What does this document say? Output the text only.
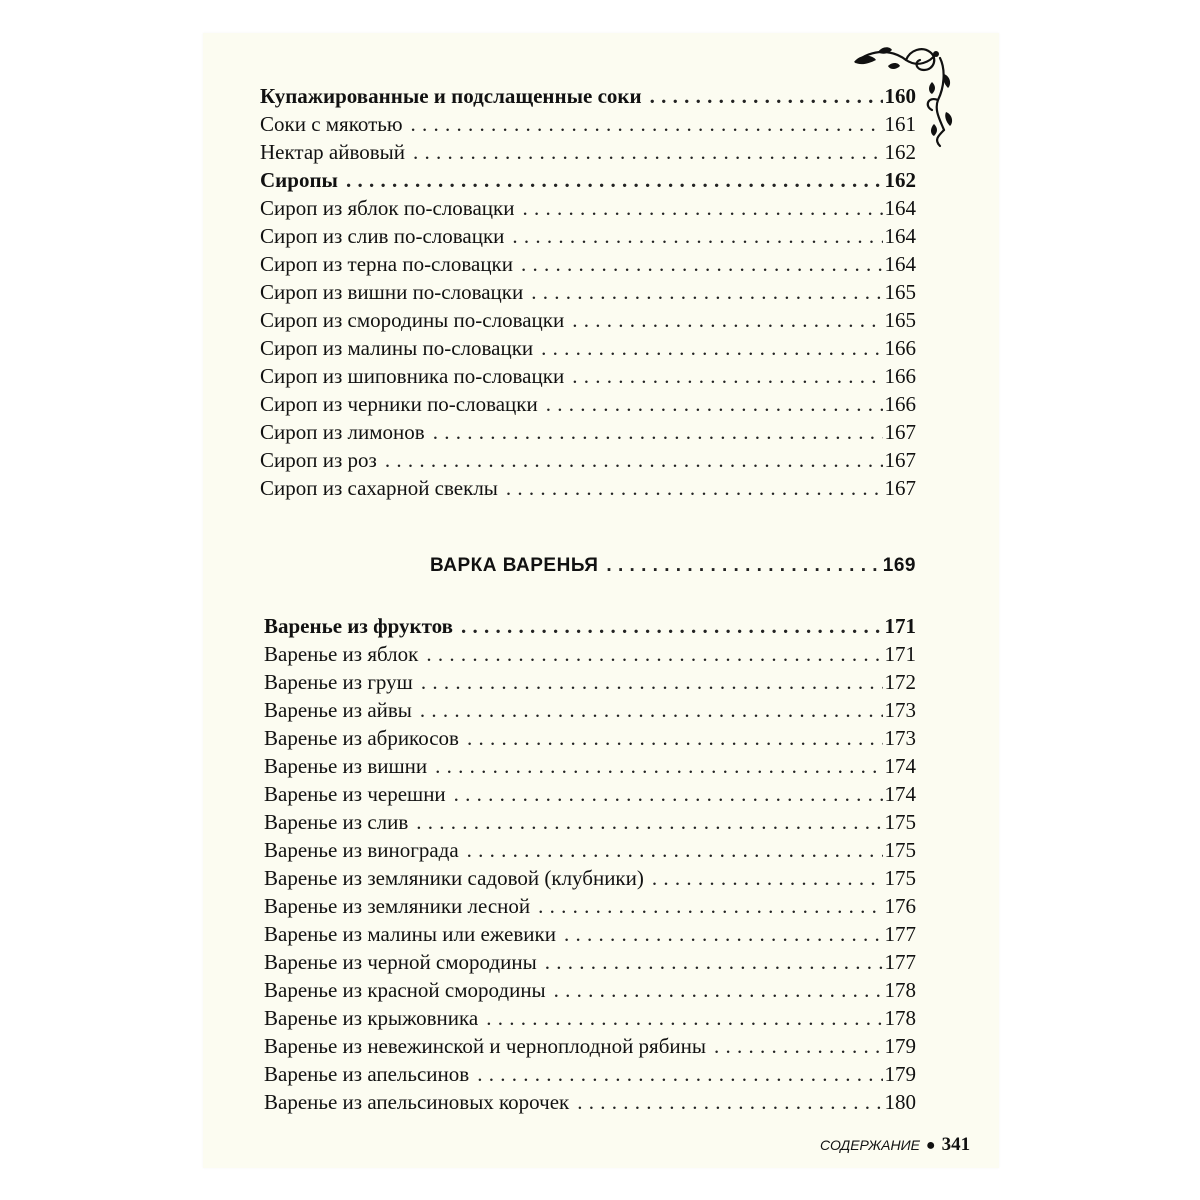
Купажированные и подслащенные соки . . .	160
Соки с мякотью . . .	161
Нектар айвовый . . .	162
Сиропы . . .	162
Сироп из яблок по-словацки . . .	164
Сироп из слив по-словацки . . .	164
Сироп из терна по-словацки . . .	164
Сироп из вишни по-словацки . . .	165
Сироп из смородины по-словацки . . .	165
Сироп из малины по-словацки . . .	166
Сироп из шиповника по-словацки . . .	166
Сироп из черники по-словацки . . .	166
Сироп из лимонов . . .	167
Сироп из роз . . .	167
Сироп из сахарной свеклы . . .	167
ВАРКА ВАРЕНЬЯ . . .	169
Варенье из фруктов . . .	171
Варенье из яблок . . .	171
Варенье из груш . . .	172
Варенье из айвы . . .	173
Варенье из абрикосов . . .	173
Варенье из вишни . . .	174
Варенье из черешни . . .	174
Варенье из слив . . .	175
Варенье из винограда . . .	175
Варенье из земляники садовой (клубники) . . .	175
Варенье из земляники лесной . . .	176
Варенье из малины или ежевики . . .	177
Варенье из черной смородины . . .	177
Варенье из красной смородины . . .	178
Варенье из крыжовника . . .	178
Варенье из невежинской и черноплодной рябины . . .	179
Варенье из апельсинов . . .	179
Варенье из апельсиновых корочек . . .	180
СОДЕРЖАНИЕ ● 341
